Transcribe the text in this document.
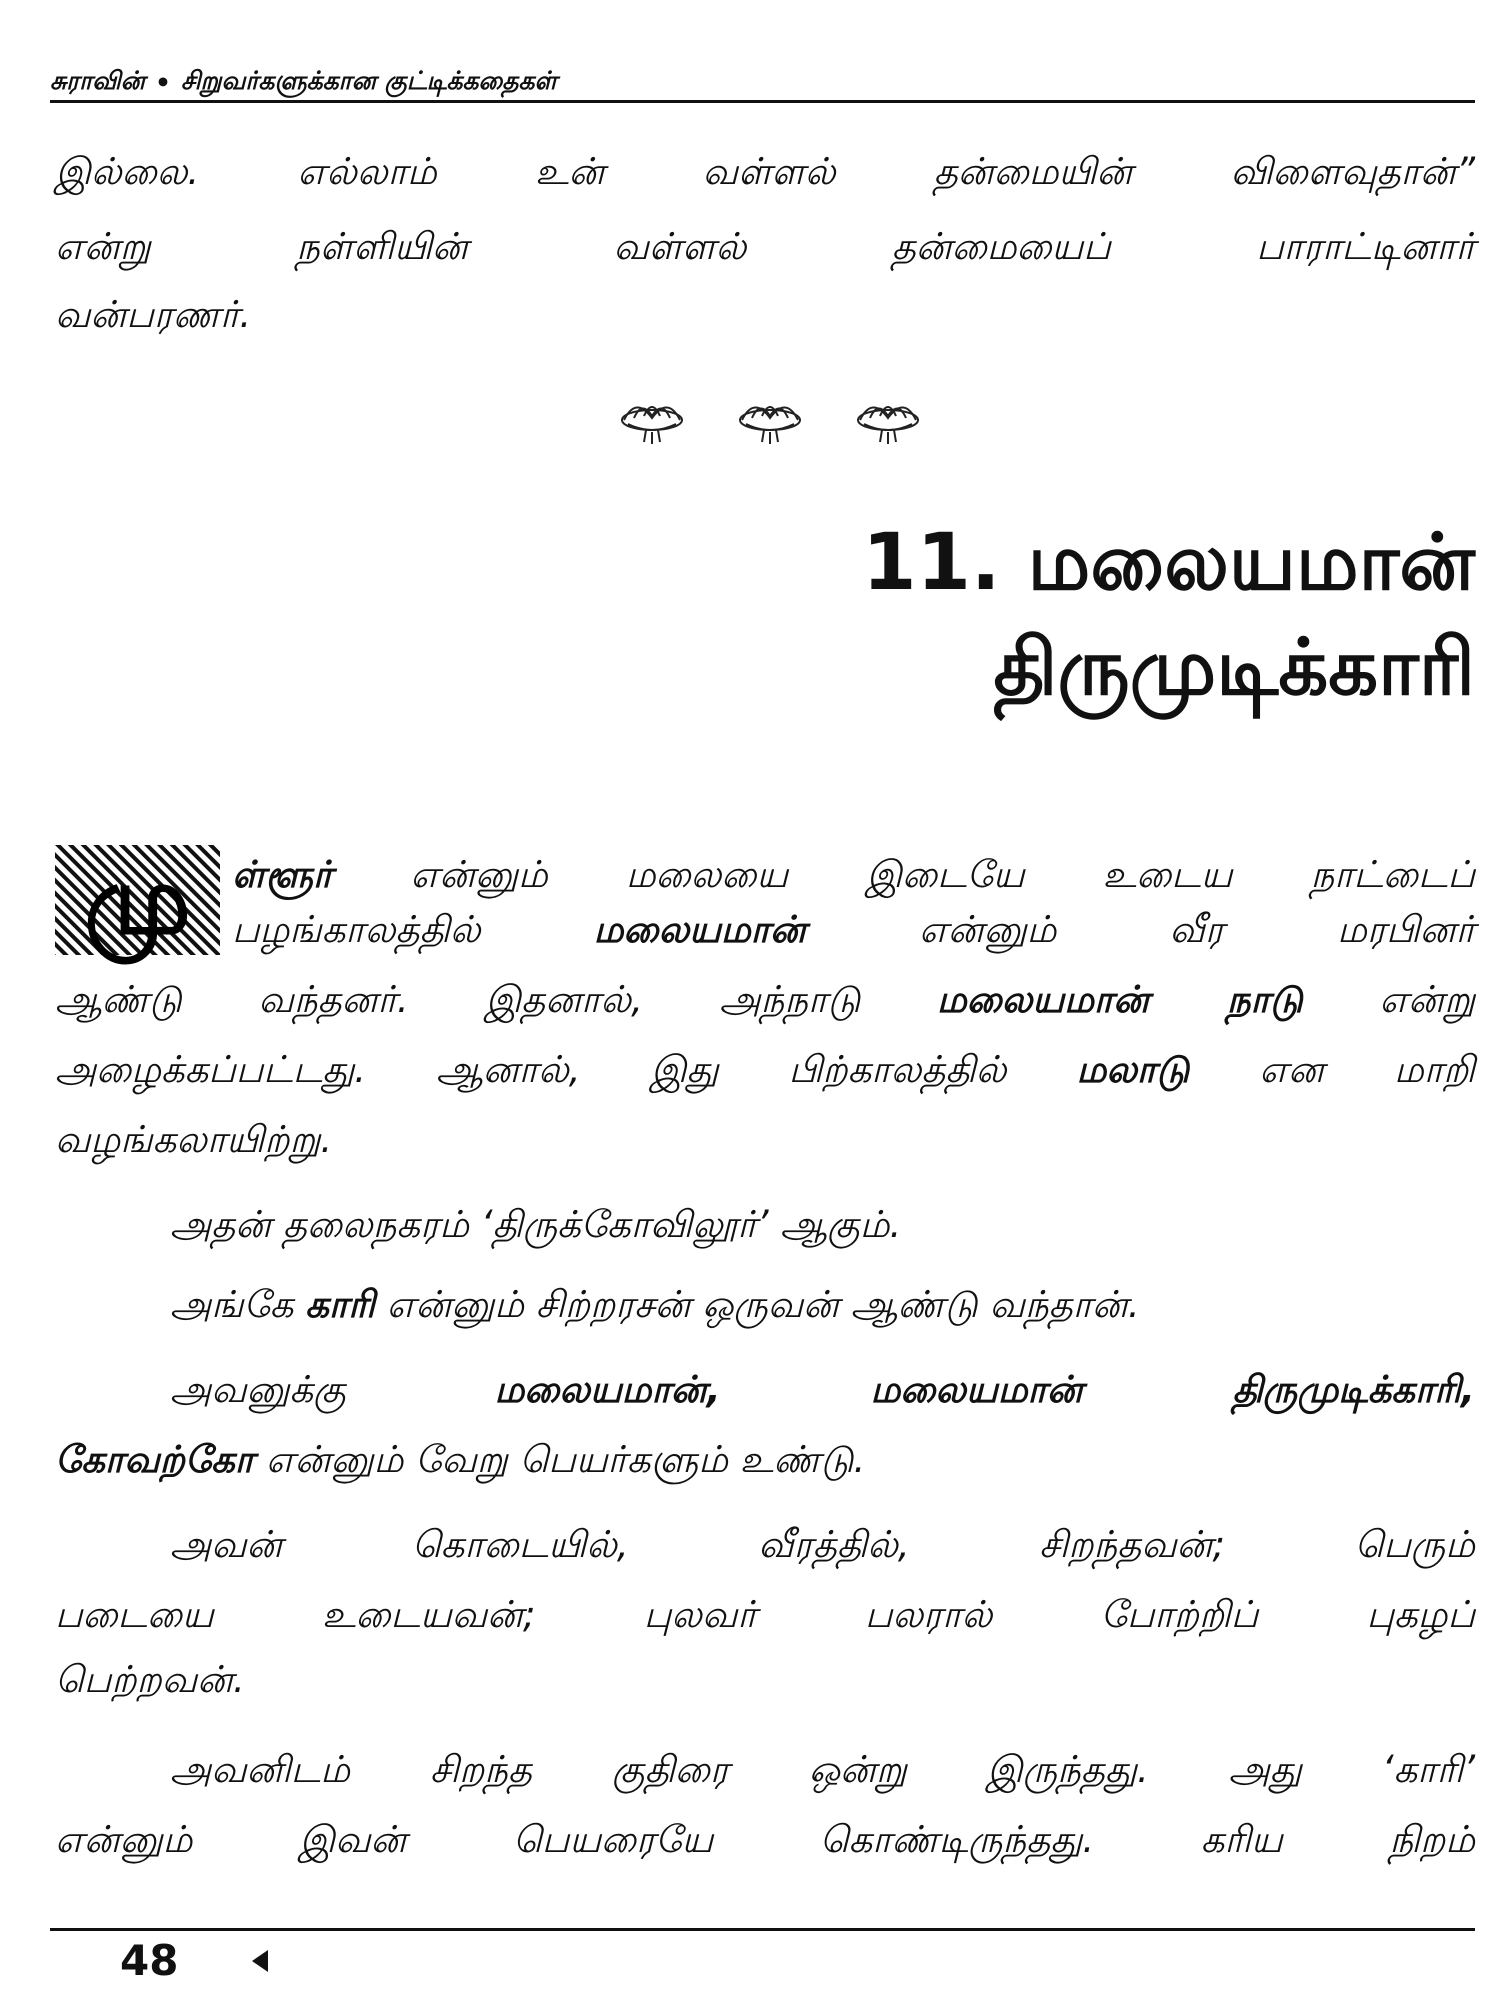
சுராவின் • சிறுவர்களுக்கான குட்டிக்கதைகள்
இல்லை. எல்லாம் உன் வள்ளல் தன்மையின் விளைவுதான்”
என்று நள்ளியின் வள்ளல் தன்மையைப் பாராட்டினார்
வன்பரணர்.
11. மலையமான்
திருமுடிக்காரி
மு	ள்ளூர் என்னும் மலையை இடையே உடைய நாட்டைப்
பழங்காலத்தில் மலையமான் என்னும் வீர மரபினர்
ஆண்டு வந்தனர். இதனால், அந்நாடு மலையமான் நாடு என்று
அழைக்கப்பட்டது. ஆனால், இது பிற்காலத்தில் மலாடு என மாறி
வழங்கலாயிற்று.
அதன் தலைநகரம் ‘திருக்கோவிலூர்’ ஆகும்.
அங்கே காரி என்னும் சிற்றரசன் ஒருவன் ஆண்டு வந்தான்.
அவனுக்கு மலையமான், மலையமான் திருமுடிக்காரி,
கோவற்கோ என்னும் வேறு பெயர்களும் உண்டு.
அவன் கொடையில், வீரத்தில், சிறந்தவன்; பெரும்
படையை உடையவன்; புலவர் பலரால் போற்றிப் புகழப்
பெற்றவன்.
அவனிடம் சிறந்த குதிரை ஒன்று இருந்தது. அது ‘காரி’
என்னும் இவன் பெயரையே கொண்டிருந்தது. கரிய நிறம்
48
